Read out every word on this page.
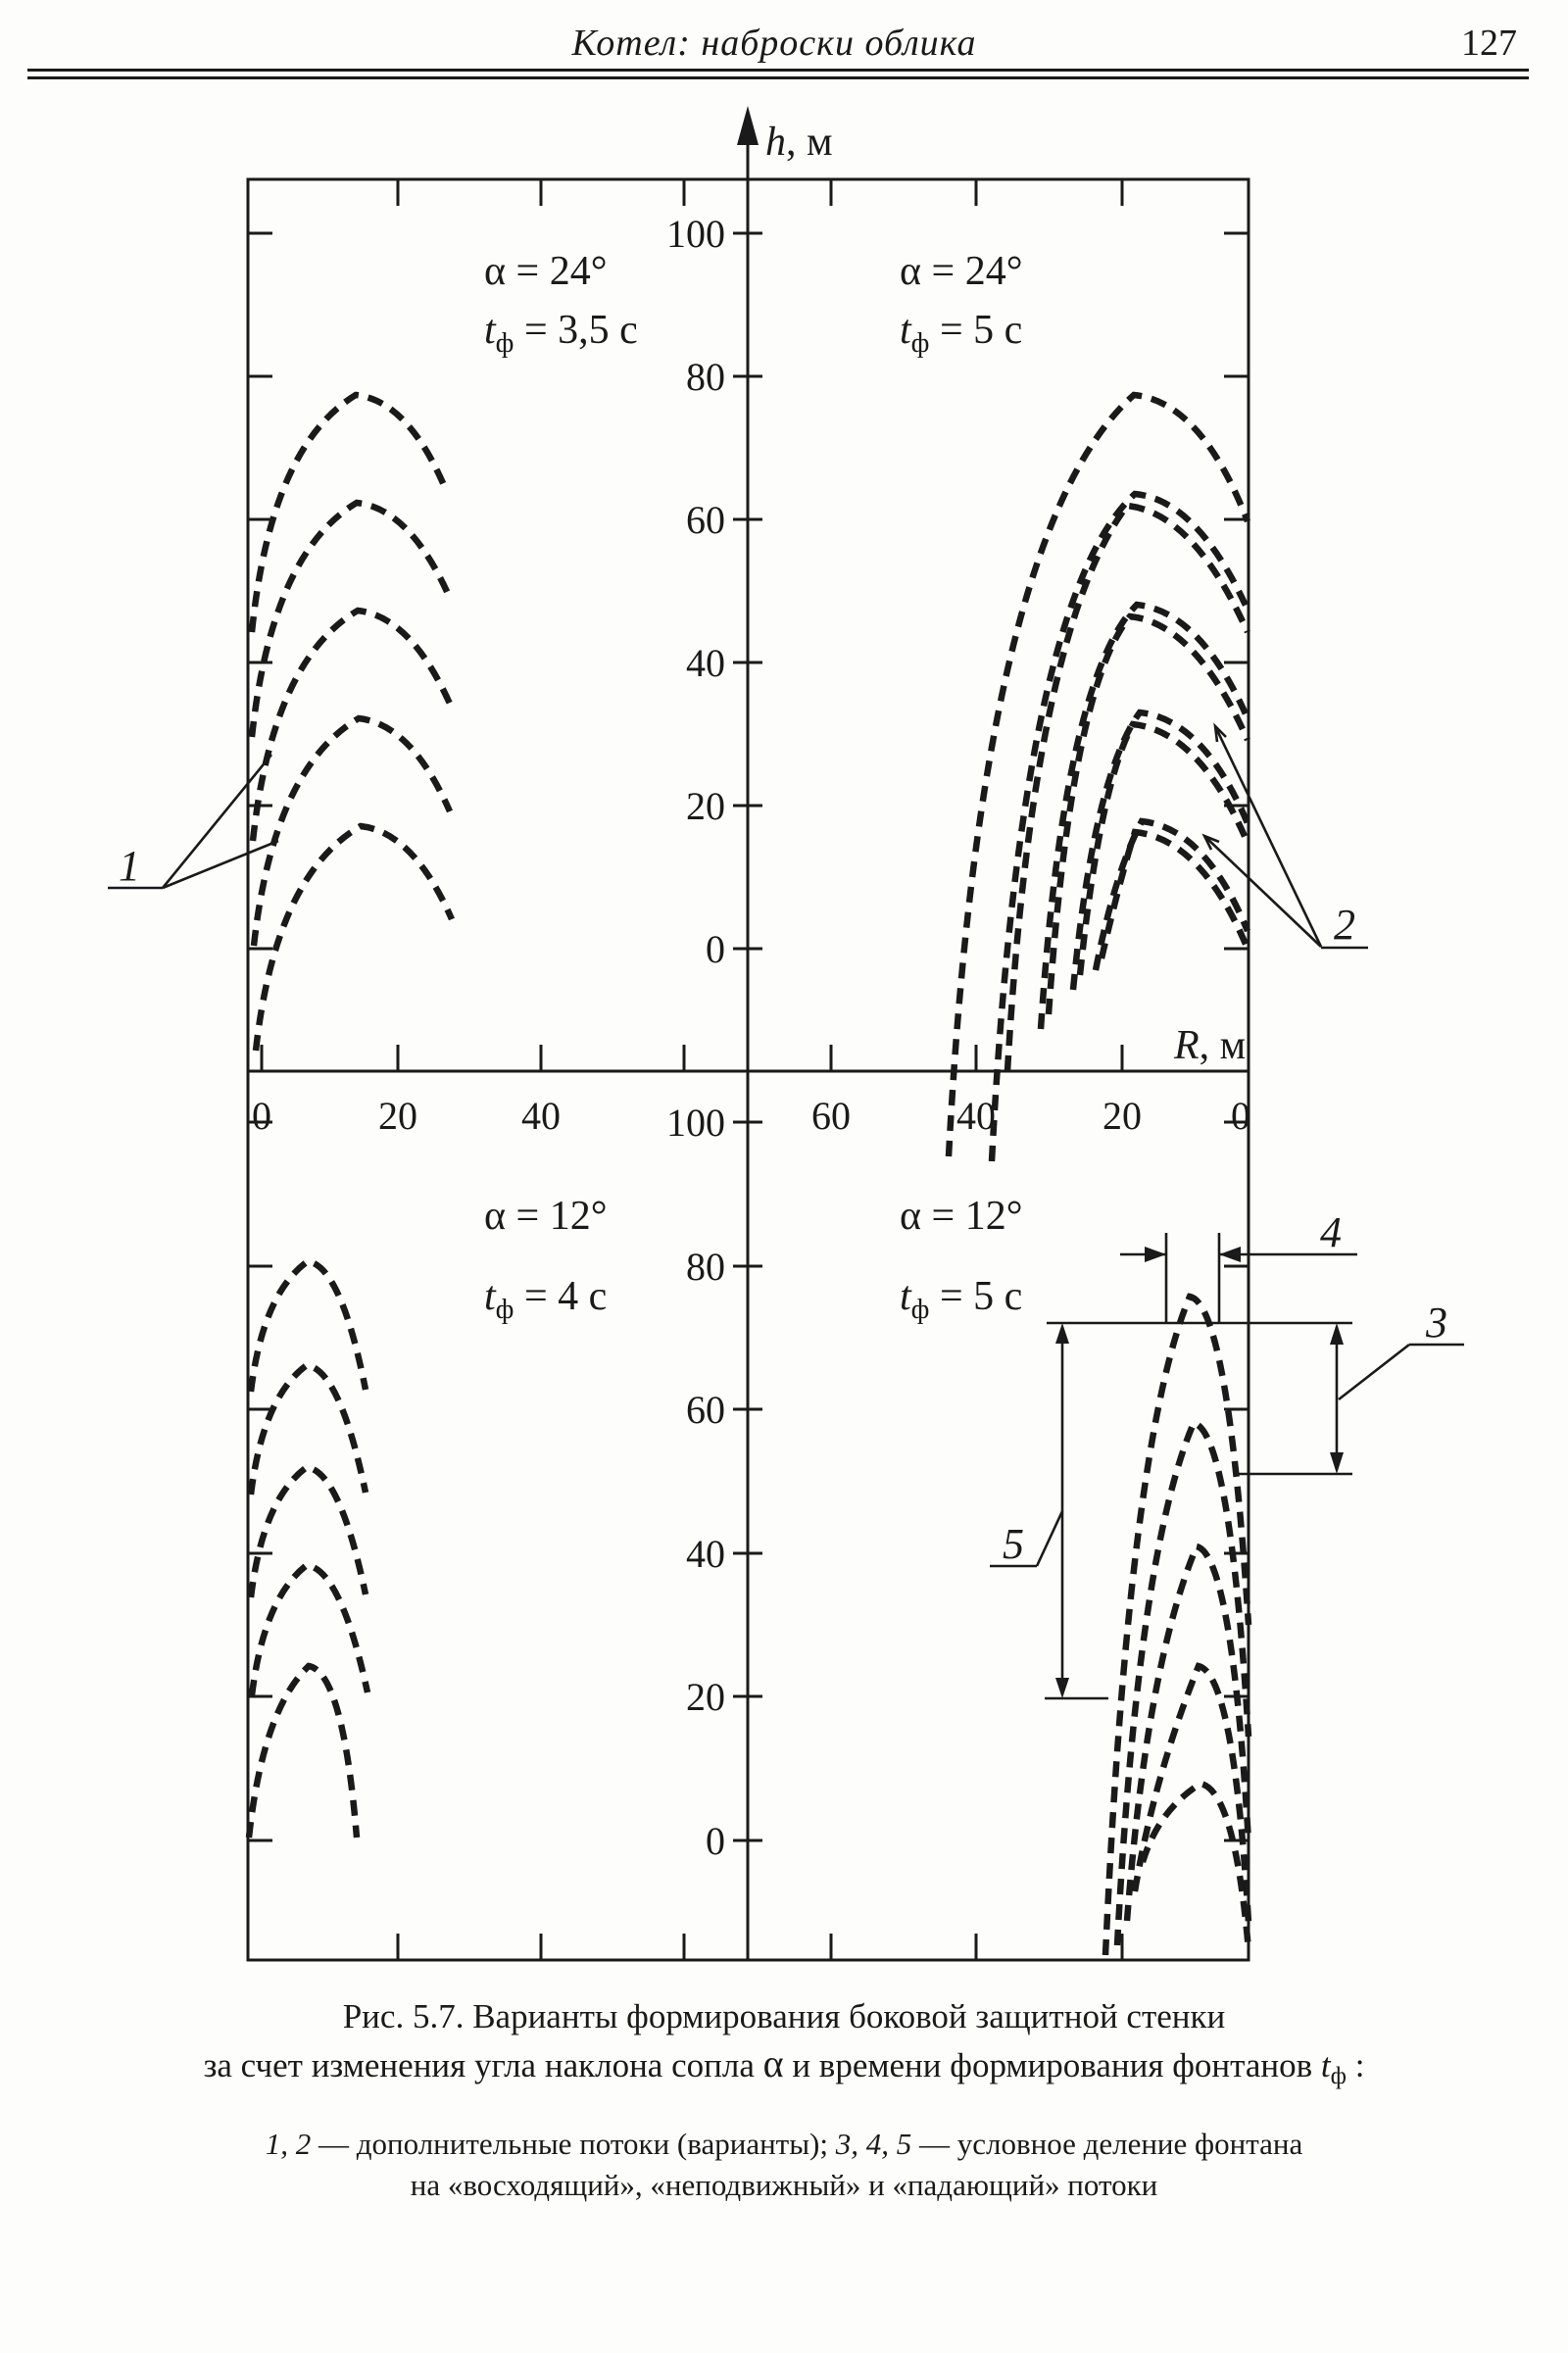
Котел: наброски облика	127
h, м
R, м
100
80
60
40
20
0
100
80
60
40
20
0
0	20	40	60	40	20 0
α = 24°
$t_ф = 3,5$ с
α = 24°
$t_ф = 5$ с
α = 12°
$t_ф = 4$ с
α = 12°
$t_ф = 5$ с
1
2
4
3
5
Рис. 5.7. Варианты формирования боковой защитной стенки
за счет изменения угла наклона сопла α и времени формирования фонтанов $t_ф$ :
1, 2 — дополнительные потоки (варианты); 3, 4, 5 — условное деление фонтана
на «восходящий», «неподвижный» и «падающий» потоки
